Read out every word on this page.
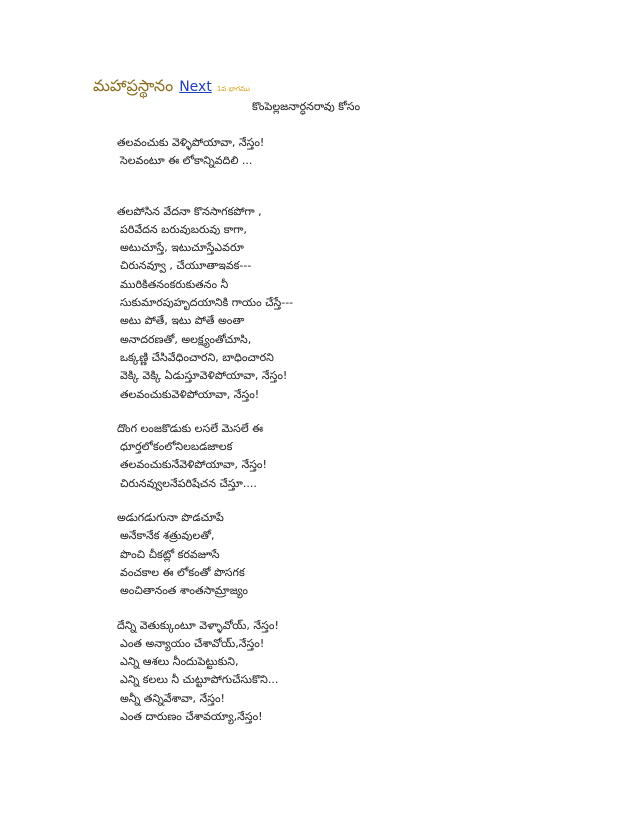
మహాప్రస్థానం Next 1వ భాగము
కొంపెల్లజనార్ధనరావు కోసం
తలవంచుకు వెళ్ళిపోయావా, నేస్తం!
సెలవంటూ ఈ లోకాన్నివదిలి ...
తలపోసిన వేదనా కొనసాగకపోగా ,
పరివేదన బరువుబరువు కాగా,
అటుచూస్తే, ఇటుచూస్తేఎవరూ
చిరునవ్వూ , చేయూతాఇవక---
మురికితనంకరుకుతనం నీ
సుకుమారపుహృదయానికి గాయం చేస్తే---
అటు పోతే, ఇటు పోతే అంతా
అనాదరణతో, అలక్ష్యంతోచూసి,
ఒక్కణ్ణి చేసివేధించారని, బాధించారని
వెక్కి వెక్కి ఏడుస్తూవెళిపోయావా, నేస్తం!
తలవంచుకువెళిపోయావా, నేస్తం!
దొంగ లంజకొడుకు లసలే మెసలే ఈ
ధూర్తలోకంలోనిలబడజాలక
తలవంచుకునేవెళిపోయావా, నేస్తం!
చిరునవ్వులనేపరిషేచన చేస్తూ....
అడుగడుగునా పొడచూపే
అనేకానేక శత్రువులతో,
పొంచి చీకట్లో కరవజూసే
వంచకాల ఈ లోకంతో పొసగక
అంచితానంత శాంతసామ్రాజ్యం
దేన్ని వెతుక్కుంటూ వెళ్ళావోయ్, నేస్తం!
ఎంత అన్యాయం చేశావోయ్,నేస్తం!
ఎన్ని ఆశలు నీందుపెట్టుకుని,
ఎన్ని కలలు నీ చుట్టూపోగుచేసుకొని...
అన్నీ తన్నివేశావా, నేస్తం!
ఎంత దారుణం చేశావయ్యా,నేస్తం!
